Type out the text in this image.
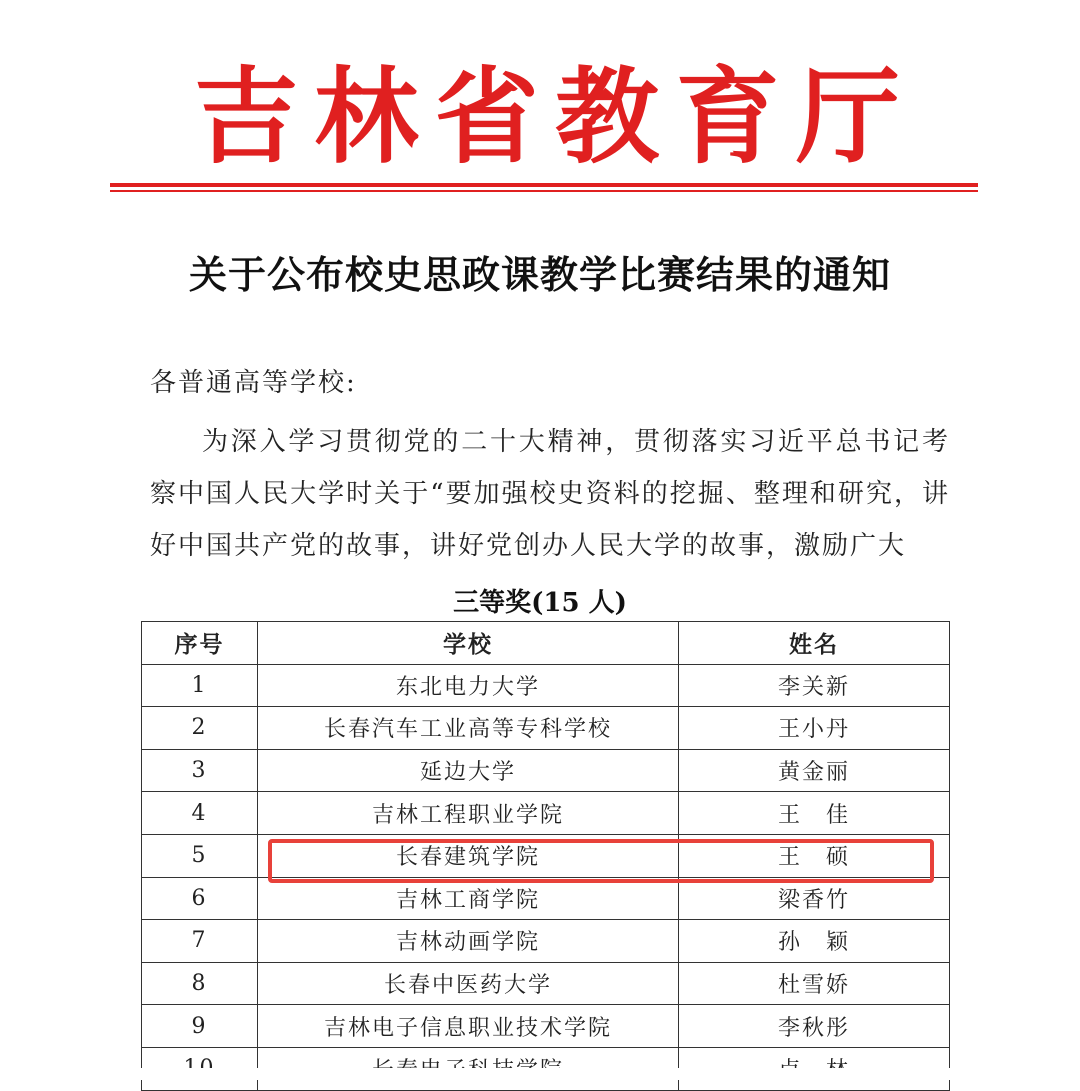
吉 林 省 教 育 厅
关于公布校史思政课教学比赛结果的通知
各普通高等学校:
为深入学习贯彻党的二十大精神，贯彻落实习近平总书记考察中国人民大学时关于“要加强校史资料的挖掘、整理和研究，讲好中国共产党的故事，讲好党创办人民大学的故事，激励广大
三等奖(15 人)
序号	学校	姓名
1	东北电力大学	李关新
2	长春汽车工业高等专科学校	王小丹
3	延边大学	黄金丽
4	吉林工程职业学院	王　佳
5	长春建筑学院	王　硕
6	吉林工商学院	梁香竹
7	吉林动画学院	孙　颖
8	长春中医药大学	杜雪娇
9	吉林电子信息职业技术学院	李秋彤
